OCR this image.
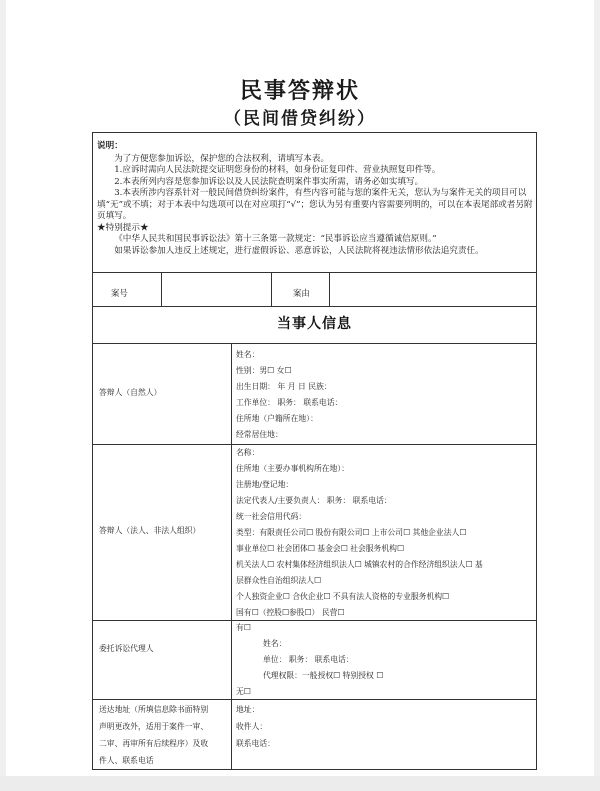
民事答辩状
（民间借贷纠纷）
说明：
为了方便您参加诉讼，保护您的合法权利，请填写本表。
1.应诉时需向人民法院提交证明您身份的材料，如身份证复印件、营业执照复印件等。
2.本表所列内容是您参加诉讼以及人民法院查明案件事实所需，请务必如实填写。
3.本表所涉内容系针对一般民间借贷纠纷案件，有些内容可能与您的案件无关，您认为与案件无关的项目可以填“无”或不填；对于本表中勾选项可以在对应项打“√”；您认为另有重要内容需要列明的，可以在本表尾部或者另附页填写。
★特别提示★
《中华人民共和国民事诉讼法》第十三条第一款规定：“民事诉讼应当遵循诚信原则。”
如果诉讼参加人违反上述规定，进行虚假诉讼、恶意诉讼，人民法院将视违法情形依法追究责任。
案号	案由
当事人信息
答辩人（自然人）
姓名：
性别：男☐ 女☐
出生日期： 年 月 日 民族：
工作单位： 职务： 联系电话：
住所地（户籍所在地）：
经常居住地：
答辩人（法人、非法人组织）
名称：
住所地（主要办事机构所在地）：
注册地/登记地：
法定代表人/主要负责人： 职务： 联系电话：
统一社会信用代码：
类型：有限责任公司☐ 股份有限公司☐ 上市公司☐ 其他企业法人☐
事业单位☐ 社会团体☐ 基金会☐ 社会服务机构☐
机关法人☐ 农村集体经济组织法人☐ 城镇农村的合作经济组织法人☐ 基
层群众性自治组织法人☐
个人独资企业☐ 合伙企业☐ 不具有法人资格的专业服务机构☐
国有☐（控股☐参股☐） 民营☐
委托诉讼代理人
有☐
姓名：
单位： 职务： 联系电话：
代理权限：一般授权☐ 特别授权 ☐
无☐
送达地址（所填信息除书面特别
声明更改外，适用于案件一审、
二审、再审所有后续程序）及收
件人、联系电话
地址：
收件人：
联系电话：
